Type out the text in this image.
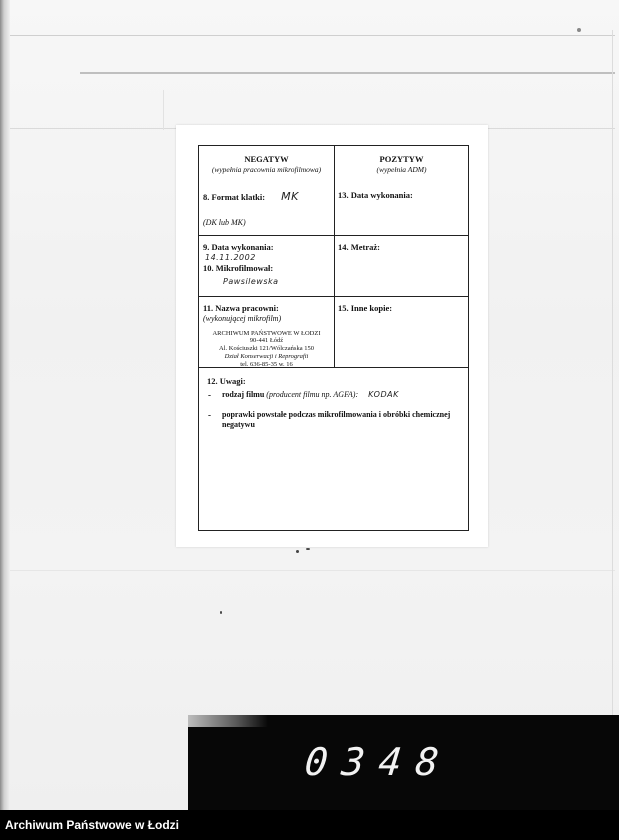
NEGATYW
(wypełnia pracownia mikrofilmowa)
8. Format klatki: MK
(DK lub MK)
POZYTYW
(wypełnia ADM)
13. Data wykonania:
9. Data wykonania:
14.11.2002
10. Mikrofilmował:
Pawsilewska
14. Metraż:
11. Nazwa pracowni:
(wykonującej mikrofilm)
ARCHIWUM PAŃSTWOWE W ŁODZI
90-441 Łódź
Al. Kościuszki 121/Wólczańska 150
Dział Konserwacji i Reprografii
tel. 636-85-35 w. 16
15. Inne kopie:
12. Uwagi:
-	rodzaj filmu (producent filmu np. AGFA): KODAK
-	poprawki powstałe podczas mikrofilmowania i obróbki chemicznej negatywu
0348
Archiwum Państwowe w Łodzi
